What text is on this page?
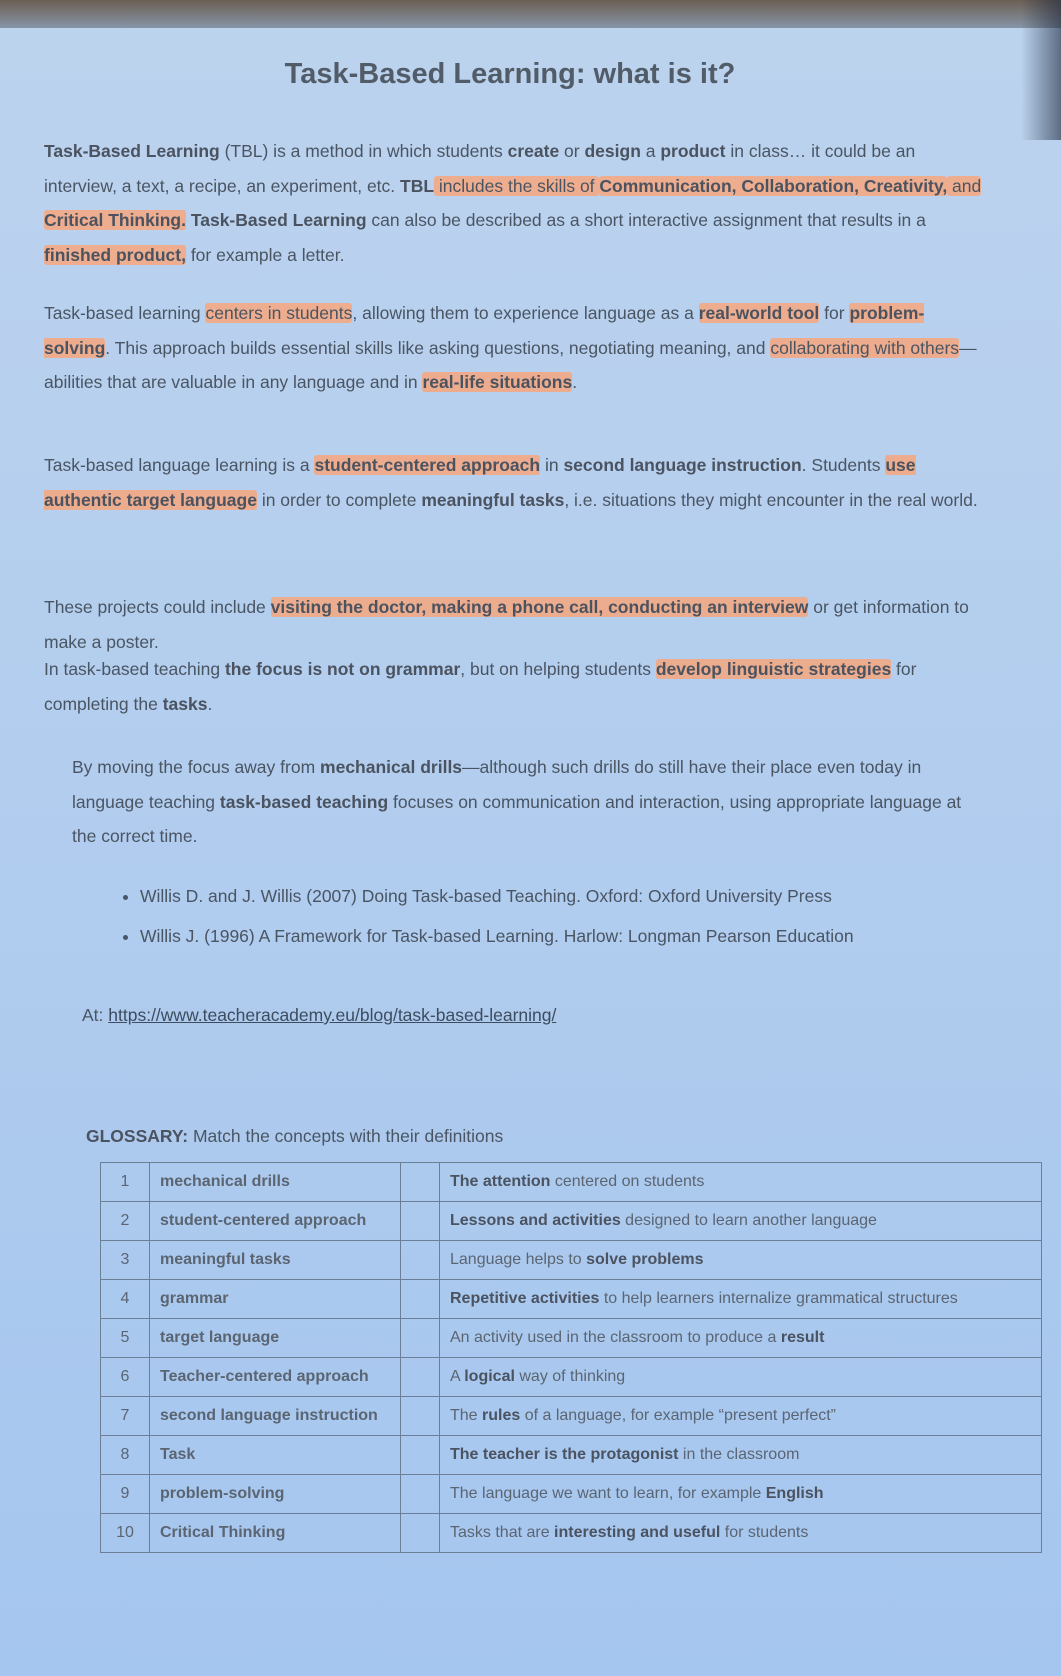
Task-Based Learning: what is it?

Task-Based Learning (TBL) is a method in which students create or design a product in class… it could be an interview, a text, a recipe, an experiment, etc. TBL includes the skills of Communication, Collaboration, Creativity, and Critical Thinking. Task-Based Learning can also be described as a short interactive assignment that results in a finished product, for example a letter.

Task-based learning centers in students, allowing them to experience language as a real-world tool for problem-solving. This approach builds essential skills like asking questions, negotiating meaning, and collaborating with others—abilities that are valuable in any language and in real-life situations.

Task-based language learning is a student-centered approach in second language instruction. Students use authentic target language in order to complete meaningful tasks, i.e. situations they might encounter in the real world.

These projects could include visiting the doctor, making a phone call, conducting an interview or get information to make a poster.

In task-based teaching the focus is not on grammar, but on helping students develop linguistic strategies for completing the tasks.

By moving the focus away from mechanical drills—although such drills do still have their place even today in language teaching task-based teaching focuses on communication and interaction, using appropriate language at the correct time.

• Willis D. and J. Willis (2007) Doing Task-based Teaching. Oxford: Oxford University Press
• Willis J. (1996) A Framework for Task-based Learning. Harlow: Longman Pearson Education

At: https://www.teacheracademy.eu/blog/task-based-learning/

GLOSSARY: Match the concepts with their definitions

1	mechanical drills		The attention centered on students
2	student-centered approach		Lessons and activities designed to learn another language
3	meaningful tasks		Language helps to solve problems
4	grammar		Repetitive activities to help learners internalize grammatical structures
5	target language		An activity used in the classroom to produce a result
6	Teacher-centered approach		A logical way of thinking
7	second language instruction		The rules of a language, for example “present perfect”
8	Task		The teacher is the protagonist in the classroom
9	problem-solving		The language we want to learn, for example English
10	Critical Thinking		Tasks that are interesting and useful for students
